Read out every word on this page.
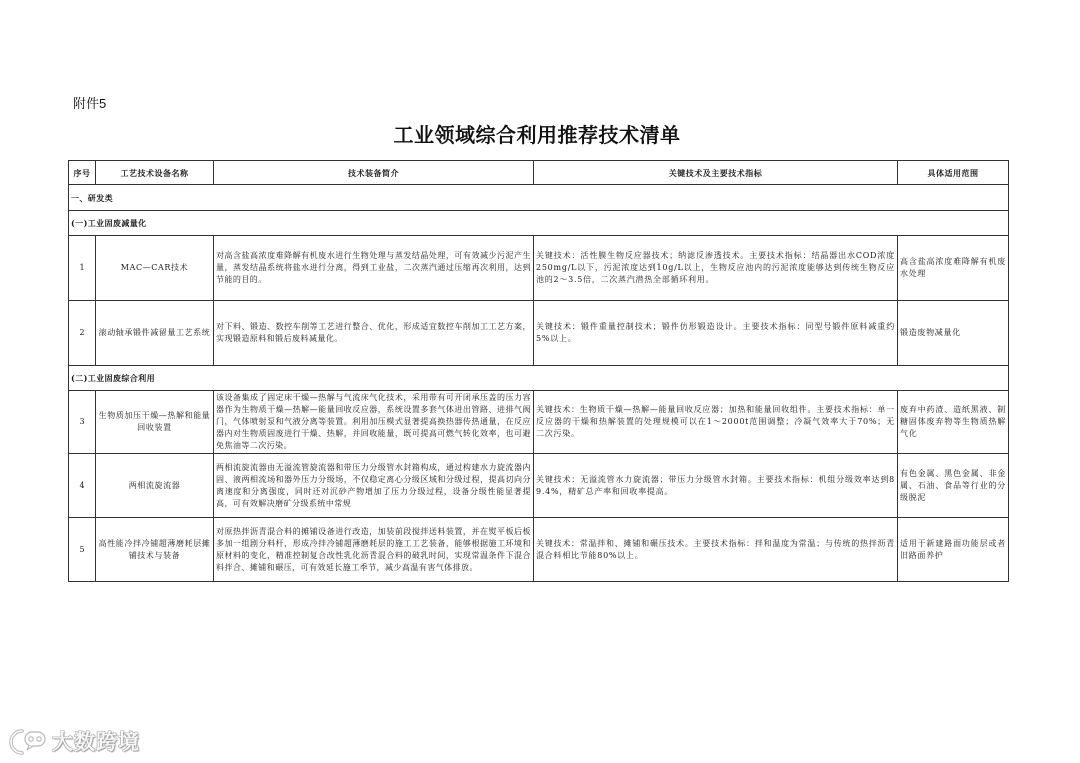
附件5
工业领域综合利用推荐技术清单
序号	工艺技术设备名称	技术装备简介	关键技术及主要技术指标	具体适用范围
一、研发类				
(一)工业固废减量化				
1	MAC—CAR技术	对高含盐高浓度难降解有机废水进行生物处理与蒸发结晶处理，可有效减少污泥产生量，蒸发结晶系统将盐水进行分离，得到工业盐，二次蒸汽通过压缩再次利用，达到节能的目的。	关键技术：活性膜生物反应器技术；纳滤反渗透技术。主要技术指标：结晶器出水COD浓度250mg/L以下，污泥浓度达到10g/L以上，生物反应池内的污泥浓度能够达到传统生物反应池的2～3.5倍，二次蒸汽潜热全部循环利用。	高含盐高浓度难降解有机废水处理
2	滚动轴承锻件减留量工艺系统	对下料、锻造、数控车削等工艺进行整合、优化，形成适宜数控车削加工工艺方案，实现锻造原料和锻后废料减量化。	关键技术：锻件重量控制技术；锻件仿形锻造设计。主要技术指标：同型号锻件原料减重约5%以上。	锻造废物减量化
(二)工业固废综合利用				
3	生物质加压干燥—热解和能量回收装置	该设备集成了固定床干燥—热解与气流床气化技术，采用带有可开闭承压盖的压力容器作为生物质干燥—热解—能量回收反应器，系统设置多套气体进出管路、进排气阀门，气体喷射泵和气液分离等装置。利用加压模式显著提高换热器传热通量，在反应器内对生物质固废进行干燥、热解，并回收能量，既可提高可燃气转化效率，也可避免焦油等二次污染。	关键技术：生物质干燥—热解—能量回收反应器；加热和能量回收组件。主要技术指标：单一反应器的干燥和热解装置的处理规模可以在1～2000t范围调整；冷凝气效率大于70%；无二次污染。	废弃中药渣、造纸黑液、制糖固体废弃物等生物质热解气化
4	两相流旋流器	两相流旋流器由无溢流管旋流器和带压力分级管水封箱构成，通过构建水力旋流器内固、液两相流场和器外压力分级场，不仅稳定离心分级区域和分级过程，提高切向分离速度和分离强度，同时还对沉砂产物增加了压力分级过程，设备分级性能显著提高，可有效解决磨矿分级系统中常规	关键技术：无溢流管水力旋流器；带压力分级管水封箱。主要技术指标：机组分级效率达到89.4%，精矿总产率和回收率提高。	有色金属、黑色金属、非金属、石油、食品等行业的分级脱泥
5	高性能冷拌冷铺超薄磨耗层摊铺技术与装备	对原热拌沥青混合料的摊铺设备进行改造，加装前段搅拌送料装置，并在熨平板后板多加一组剧分料杆，形成冷拌冷铺超薄磨耗层的施工工艺装备，能够根据施工环境和原材料的变化，精准控制复合改性乳化沥青混合料的破乳时间，实现常温条件下混合料拌合、摊铺和碾压，可有效延长施工季节，减少高温有害气体排放。	关键技术：常温拌和、摊铺和碾压技术。主要技术指标：拌和温度为常温；与传统的热拌沥青混合料相比节能80%以上。	适用于新建路面功能层或者旧路面养护
大数跨境
